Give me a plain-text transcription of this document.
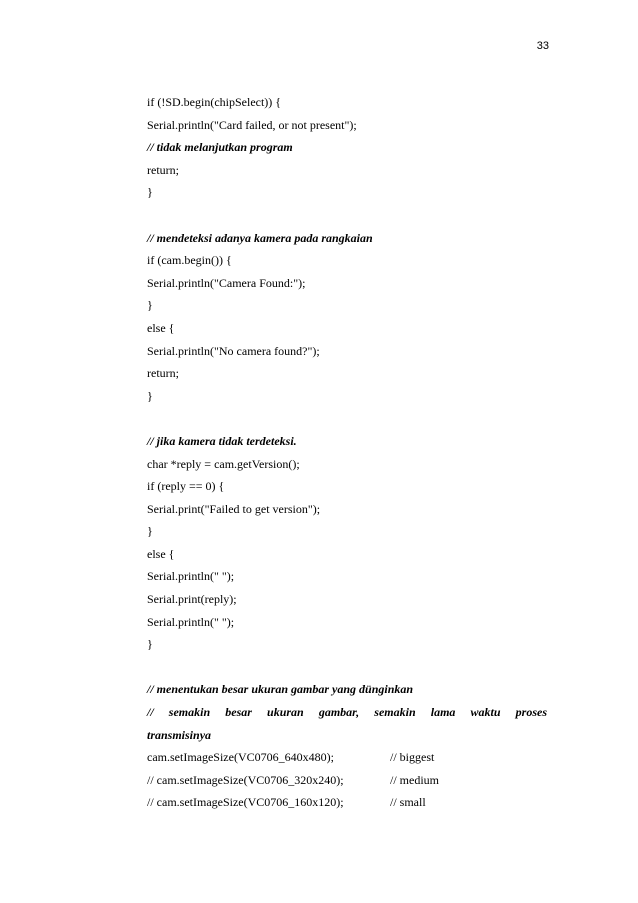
33
if (!SD.begin(chipSelect)) {
Serial.println("Card failed, or not present");
// tidak melanjutkan program
return;
}
// mendeteksi adanya kamera pada rangkaian
if (cam.begin()) {
Serial.println("Camera Found:");
}
else {
Serial.println("No camera found?");
return;
}
// jika kamera tidak terdeteksi.
char *reply = cam.getVersion();
if (reply == 0) {
Serial.print("Failed to get version");
}
else {
Serial.println(" ");
Serial.print(reply);
Serial.println(" ");
}
// menentukan besar ukuran gambar yang dünginkan
// semakin besar ukuran gambar, semakin lama waktu proses
transmisinya
cam.setImageSize(VC0706_640x480);	// biggest
// cam.setImageSize(VC0706_320x240);	// medium
// cam.setImageSize(VC0706_160x120);	// small
